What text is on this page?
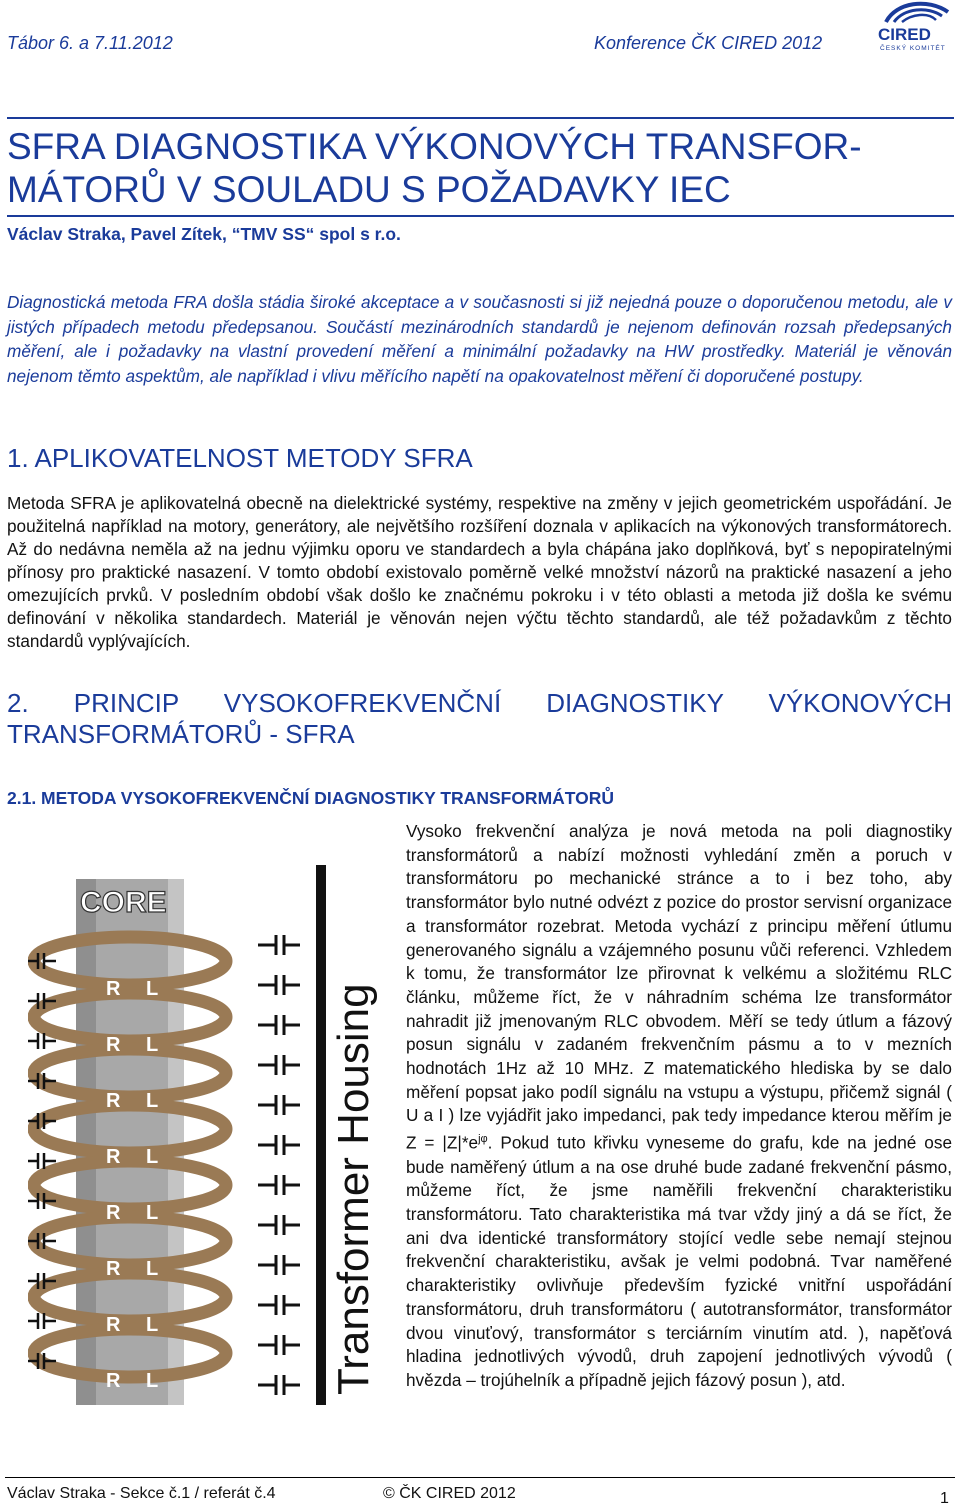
Tábor 6. a 7.11.2012	Konference ČK CIRED 2012	CIRED
ČESKÝ KOMITÉT
SFRA DIAGNOSTIKA VÝKONOVÝCH TRANSFOR-
MÁTORŮ V SOULADU S POŽADAVKY IEC
Václav Straka, Pavel Zítek, “TMV SS“ spol s r.o.
Diagnostická metoda FRA došla stádia široké akceptace a v současnosti si již nejedná pouze o doporučenou metodu, ale v jistých případech metodu předepsanou. Součástí mezinárodních standardů je nejenom definován rozsah předepsaných měření, ale i požadavky na vlastní provedení měření a minimální požadavky na HW prostředky. Materiál je věnován nejenom těmto aspektům, ale například i vlivu měřícího napětí na opakovatelnost měření či doporučené postupy.
1. APLIKOVATELNOST METODY SFRA
Metoda SFRA je aplikovatelná obecně na dielektrické systémy, respektive na změny v jejich geometrickém uspořádání. Je použitelná například na motory, generátory, ale největšího rozšíření doznala v aplikacích na výkonových transformátorech. Až do nedávna neměla až na jednu výjimku oporu ve standardech a byla chápána jako doplňková, byť s nepopiratelnými přínosy pro praktické nasazení. V tomto období existovalo poměrně velké množství názorů na praktické nasazení a jeho omezujících prvků. V posledním období však došlo ke značnému pokroku i v této oblasti a metoda již došla ke svému definování v několika standardech. Materiál je věnován nejen výčtu těchto standardů, ale též požadavkům z těchto standardů vyplývajících.
2. PRINCIP VYSOKOFREKVENČNÍ DIAGNOSTIKY VÝKONOVÝCH
TRANSFORMÁTORŮ - SFRA
2.1. METODA VYSOKOFREKVENČNÍ DIAGNOSTIKY TRANSFORMÁTORŮ
CORE
R L
R L
R L
R L
R L
R L
R L
R L	Transformer Housing
Vysoko frekvenční analýza je nová metoda na poli diagnostiky transformátorů a nabízí možnosti vyhledání změn a poruch v transformátoru po mechanické stránce a to i bez toho, aby transformátor bylo nutné odvézt z pozice do prostor servisní organizace a transformátor rozebrat. Metoda vychází z principu měření útlumu generovaného signálu a vzájemného posunu vůči referenci. Vzhledem k tomu, že transformátor lze přirovnat k velkému a složitému RLC článku, můžeme říct, že v náhradním schéma lze transformátor nahradit již jmenovaným RLC obvodem. Měří se tedy útlum a fázový posun signálu v zadaném frekvenčním pásmu a to v mezních hodnotách 1Hz až 10 MHz. Z matematického hlediska by se dalo měření popsat jako podíl signálu na vstupu a výstupu, přičemž signál ( U a I ) lze vyjádřit jako impedanci, pak tedy impedance kterou měřím je $Z = |Z|*e^{j\varphi}$. Pokud tuto křivku vyneseme do grafu, kde na jedné ose bude naměřený útlum a na ose druhé bude zadané frekvenční pásmo, můžeme říct, že jsme naměřili frekvenční charakteristiku transformátoru. Tato charakteristika má tvar vždy jiný a dá se říct, že ani dva identické transformátory stojící vedle sebe nemají stejnou frekvenční charakteristiku, avšak je velmi podobná. Tvar naměřené charakteristiky ovlivňuje především fyzické vnitřní uspořádání transformátoru, druh transformátoru ( autotransformátor, transformátor dvou vinuťový, transformátor s terciárním vinutím atd. ), napěťová hladina jednotlivých vývodů, druh zapojení jednotlivých vývodů ( hvězda – trojúhelník a případně jejich fázový posun ), atd.
Václav Straka - Sekce č.1 / referát č.4	© ČK CIRED 2012	1
